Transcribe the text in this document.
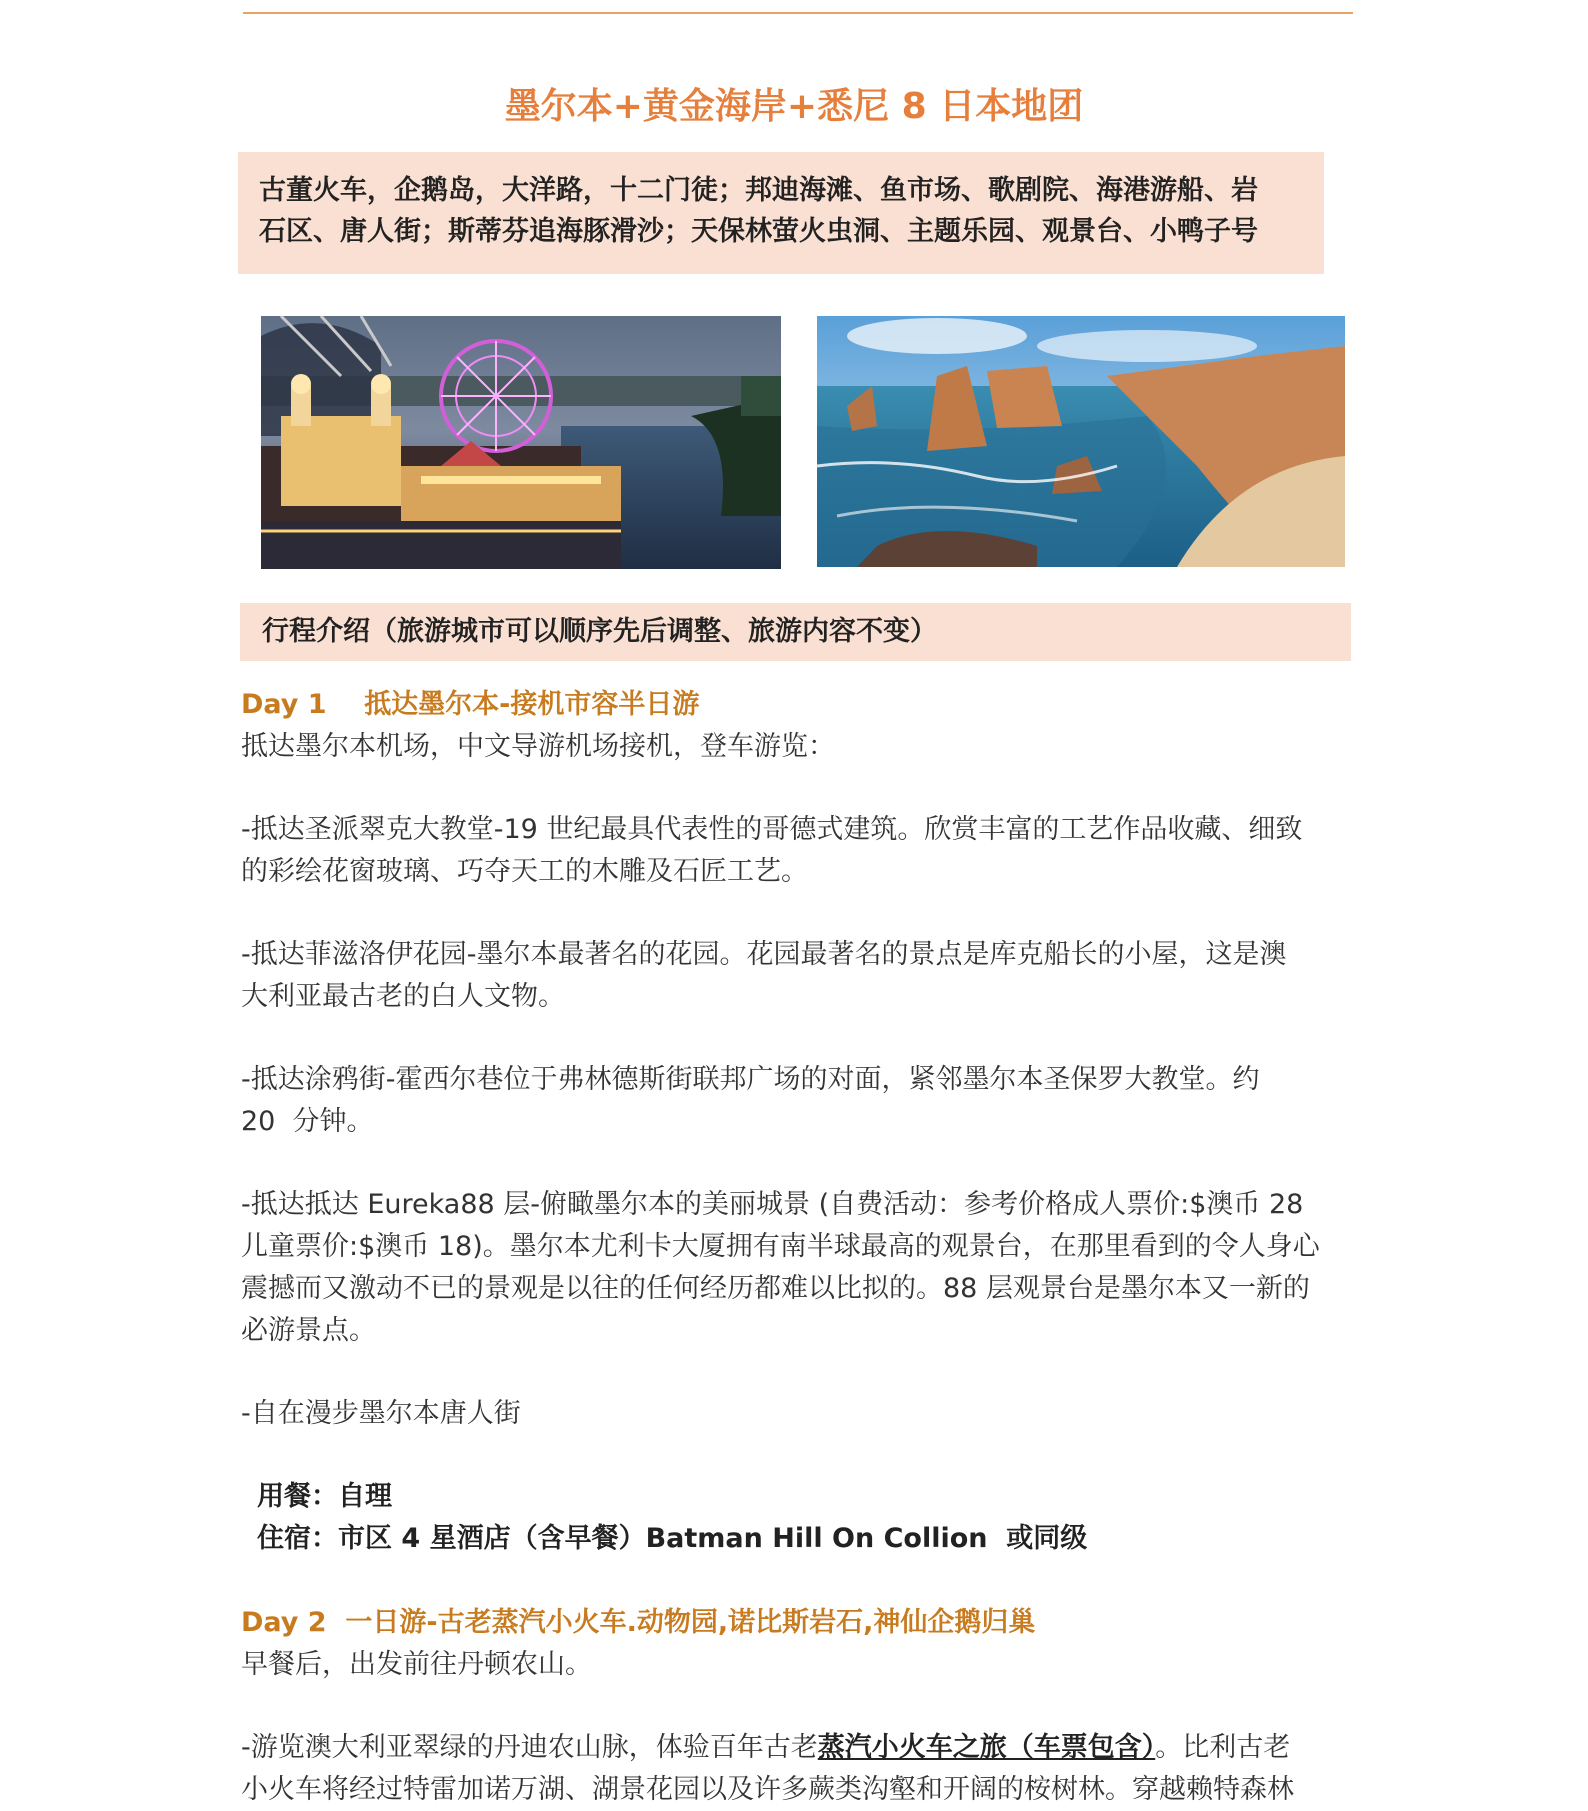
墨尔本+黄金海岸+悉尼 8 日本地团
古董火车，企鹅岛，大洋路，十二门徒；邦迪海滩、鱼市场、歌剧院、海港游船、岩
石区、唐人街；斯蒂芬追海豚滑沙；天保林萤火虫洞、主题乐园、观景台、小鸭子号
行程介绍（旅游城市可以顺序先后调整、旅游内容不变）

Day 1    抵达墨尔本-接机市容半日游

抵达墨尔本机场，中文导游机场接机，登车游览：

-抵达圣派翠克大教堂-19 世纪最具代表性的哥德式建筑。欣赏丰富的工艺作品收藏、细致

的彩绘花窗玻璃、巧夺天工的木雕及石匠工艺。

-抵达菲滋洛伊花园-墨尔本最著名的花园。花园最著名的景点是库克船长的小屋，这是澳

大利亚最古老的白人文物。

-抵达涂鸦街-霍西尔巷位于弗林德斯街联邦广场的对面，紧邻墨尔本圣保罗大教堂。约

20  分钟。

-抵达抵达 Eureka88 层-俯瞰墨尔本的美丽城景 (自费活动：参考价格成人票价:$澳币 28

儿童票价:$澳币 18)。墨尔本尤利卡大厦拥有南半球最高的观景台，在那里看到的令人身心

震撼而又激动不已的景观是以往的任何经历都难以比拟的。88 层观景台是墨尔本又一新的

必游景点。

-自在漫步墨尔本唐人街

用餐：自理

住宿：市区 4 星酒店（含早餐）Batman Hill On Collion  或同级

Day 2  一日游-古老蒸汽小火车.动物园,诺比斯岩石,神仙企鹅归巢

早餐后，出发前往丹顿农山。

-游览澳大利亚翠绿的丹迪农山脉，体验百年古老蒸汽小火车之旅（车票包含）。比利古老

小火车将经过特雷加诺万湖、湖景花园以及许多蕨类沟壑和开阔的桉树林。穿越赖特森林
